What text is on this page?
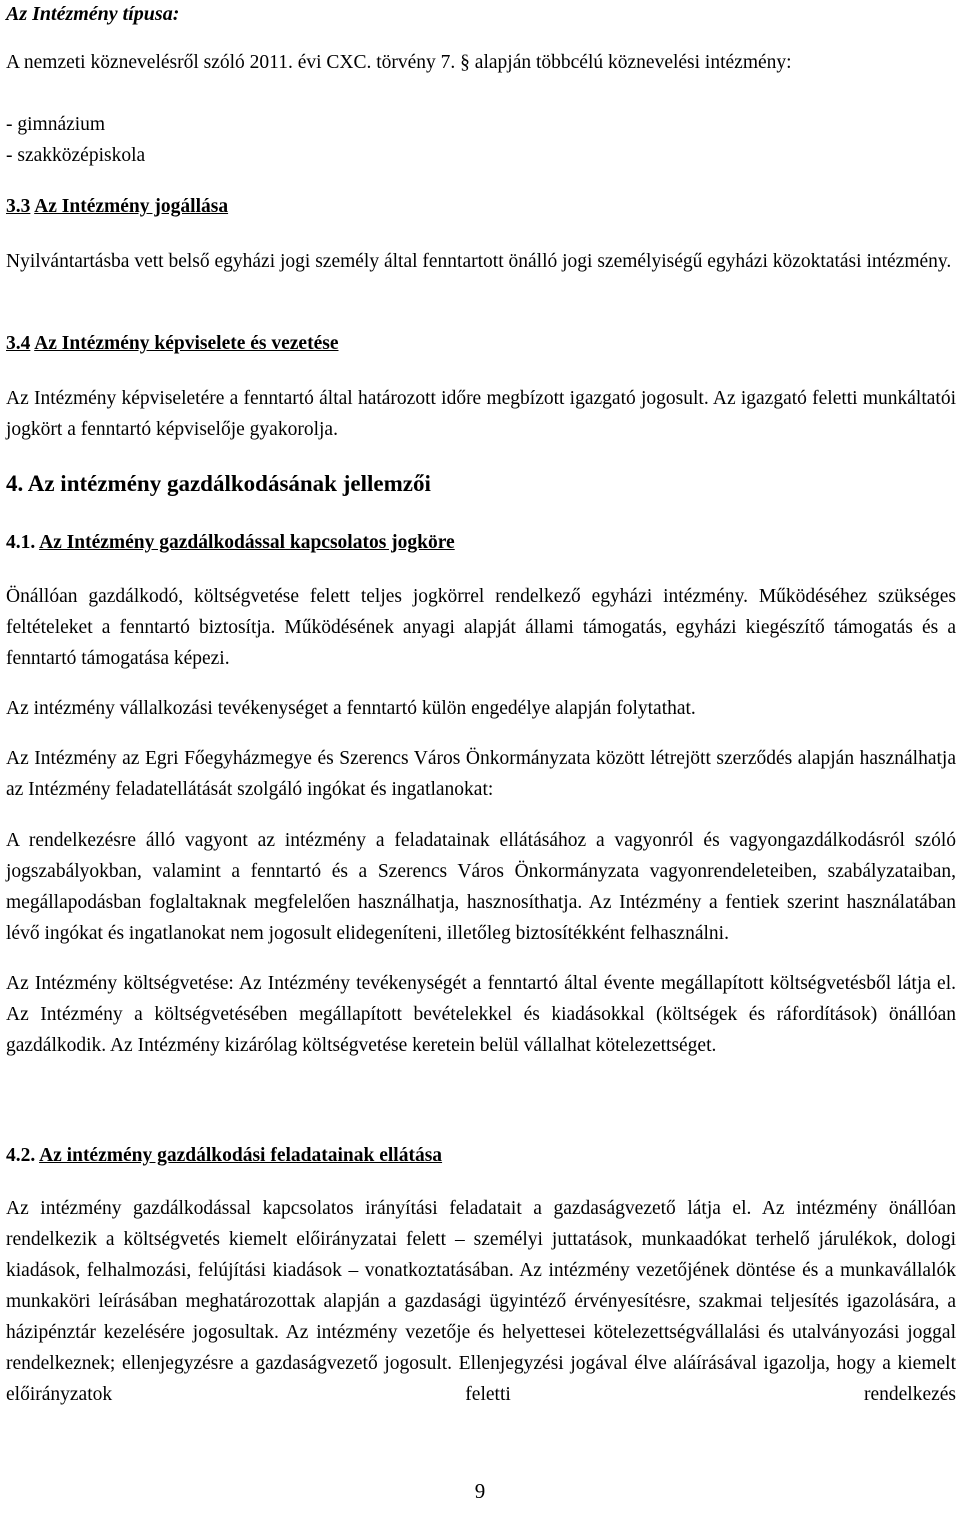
Az Intézmény típusa:

A nemzeti köznevelésről szóló 2011. évi CXC. törvény 7. § alapján többcélú köznevelési intézmény:

- gimnázium
- szakközépiskola
3.3 Az Intézmény jogállása

Nyilvántartásba vett belső egyházi jogi személy által fenntartott önálló jogi személyiségű egyházi közoktatási intézmény.

3.4 Az Intézmény képviselete és vezetése

Az Intézmény képviseletére a fenntartó által határozott időre megbízott igazgató jogosult. Az igazgató feletti munkáltatói jogkört a fenntartó képviselője gyakorolja.

4. Az intézmény gazdálkodásának jellemzői
4.1. Az Intézmény gazdálkodással kapcsolatos jogköre

Önállóan gazdálkodó, költségvetése felett teljes jogkörrel rendelkező egyházi intézmény. Működéséhez szükséges feltételeket a fenntartó biztosítja. Működésének anyagi alapját állami támogatás, egyházi kiegészítő támogatás és a fenntartó támogatása képezi.

Az intézmény vállalkozási tevékenységet a fenntartó külön engedélye alapján folytathat.

Az Intézmény az Egri Főegyházmegye és Szerencs Város Önkormányzata között létrejött szerződés alapján használhatja az Intézmény feladatellátását szolgáló ingókat és ingatlanokat:

A rendelkezésre álló vagyont az intézmény a feladatainak ellátásához a vagyonról és vagyongazdálkodásról szóló jogszabályokban, valamint a fenntartó és a Szerencs Város Önkormányzata vagyonrendeleteiben, szabályzataiban, megállapodásban foglaltaknak megfelelően használhatja, hasznosíthatja. Az Intézmény a fentiek szerint használatában lévő ingókat és ingatlanokat nem jogosult elidegeníteni, illetőleg biztosítékként felhasználni.

Az Intézmény költségvetése: Az Intézmény tevékenységét a fenntartó által évente megállapított költségvetésből látja el. Az Intézmény a költségvetésében megállapított bevételekkel és kiadásokkal (költségek és ráfordítások) önállóan gazdálkodik. Az Intézmény kizárólag költségvetése keretein belül vállalhat kötelezettséget.

4.2. Az intézmény gazdálkodási feladatainak ellátása

Az intézmény gazdálkodással kapcsolatos irányítási feladatait a gazdaságvezető látja el. Az intézmény önállóan rendelkezik a költségvetés kiemelt előirányzatai felett – személyi juttatások, munkaadókat terhelő járulékok, dologi kiadások, felhalmozási, felújítási kiadások – vonatkoztatásában. Az intézmény vezetőjének döntése és a munkavállalók munkaköri leírásában meghatározottak alapján a gazdasági ügyintéző érvényesítésre, szakmai teljesítés igazolására, a házipénztár kezelésére jogosultak. Az intézmény vezetője és helyettesei kötelezettségvállalási és utalványozási joggal rendelkeznek; ellenjegyzésre a gazdaságvezető jogosult. Ellenjegyzési jogával élve aláírásával igazolja, hogy a kiemelt előirányzatok feletti rendelkezés

9
